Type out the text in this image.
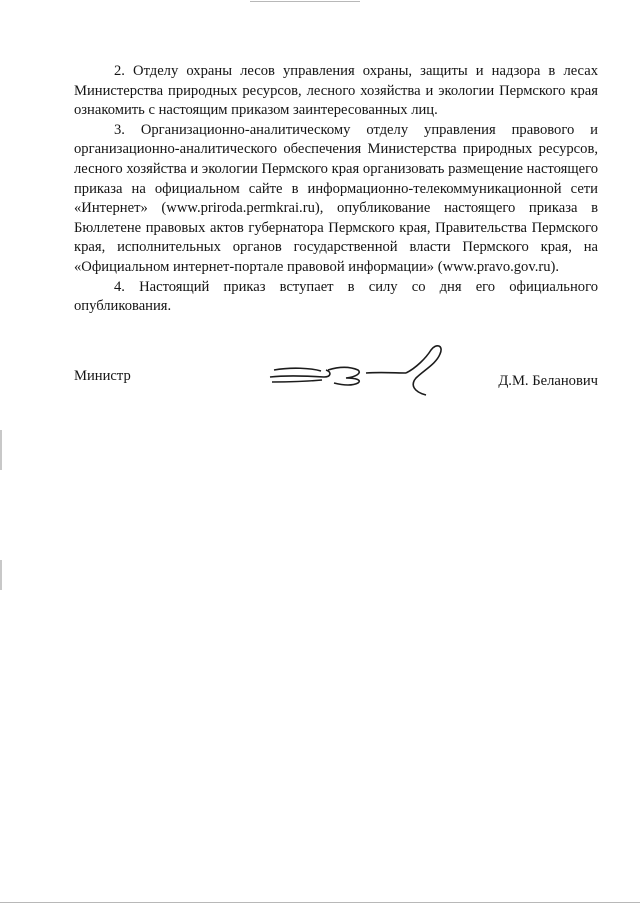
2. Отделу охраны лесов управления охраны, защиты и надзора в лесах Министерства природных ресурсов, лесного хозяйства и экологии Пермского края ознакомить с настоящим приказом заинтересованных лиц.

3. Организационно-аналитическому отделу управления правового и организационно-аналитического обеспечения Министерства природных ресурсов, лесного хозяйства и экологии Пермского края организовать размещение настоящего приказа на официальном сайте в информационно-телекоммуникационной сети «Интернет» (www.priroda.permkrai.ru), опубликование настоящего приказа в Бюллетене правовых актов губернатора Пермского края, Правительства Пермского края, исполнительных органов государственной власти Пермского края, на «Официальном интернет-портале правовой информации» (www.pravo.gov.ru).

4. Настоящий приказ вступает в силу со дня его официального опубликования.

Министр	Д.М. Беланович
